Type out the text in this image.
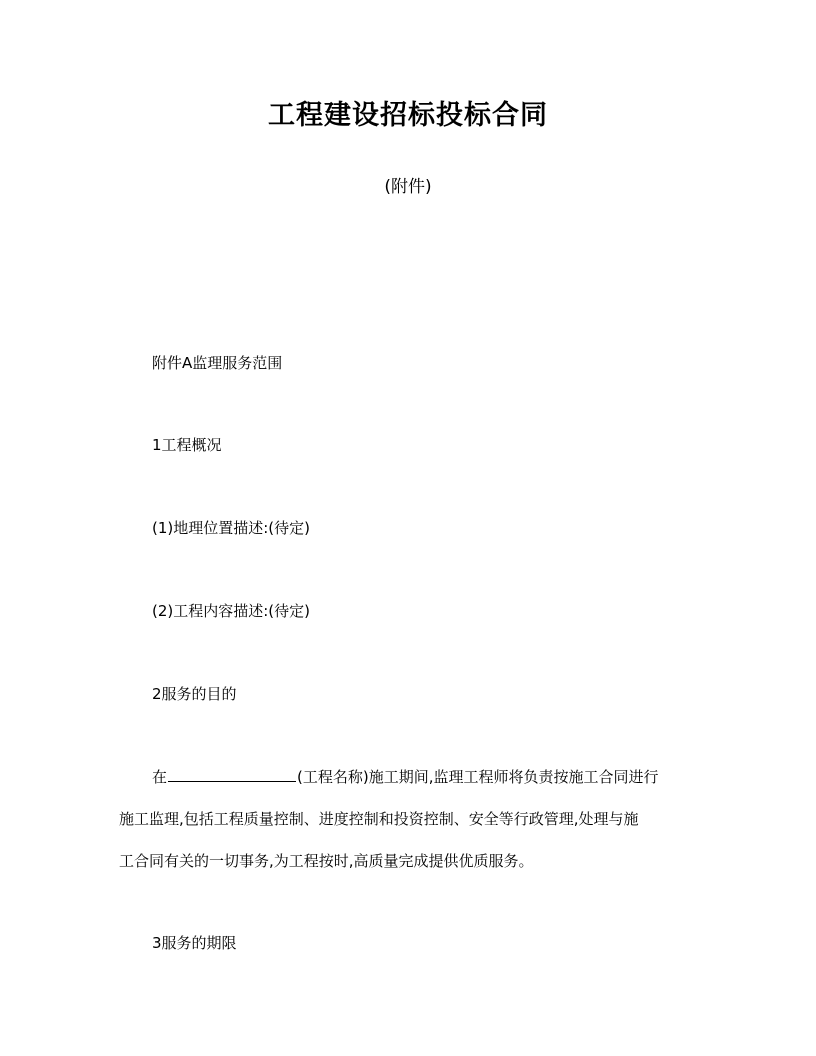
工程建设招标投标合同
(附件)
附件A监理服务范围
1工程概况
(1)地理位置描述:(待定)
(2)工程内容描述:(待定)
2服务的目的
在	(工程名称)施工期间,监理工程师将负责按施工合同进行
施工监理,包括工程质量控制、进度控制和投资控制、安全等行政管理,处理与施
工合同有关的一切事务,为工程按时,高质量完成提供优质服务。
3服务的期限
